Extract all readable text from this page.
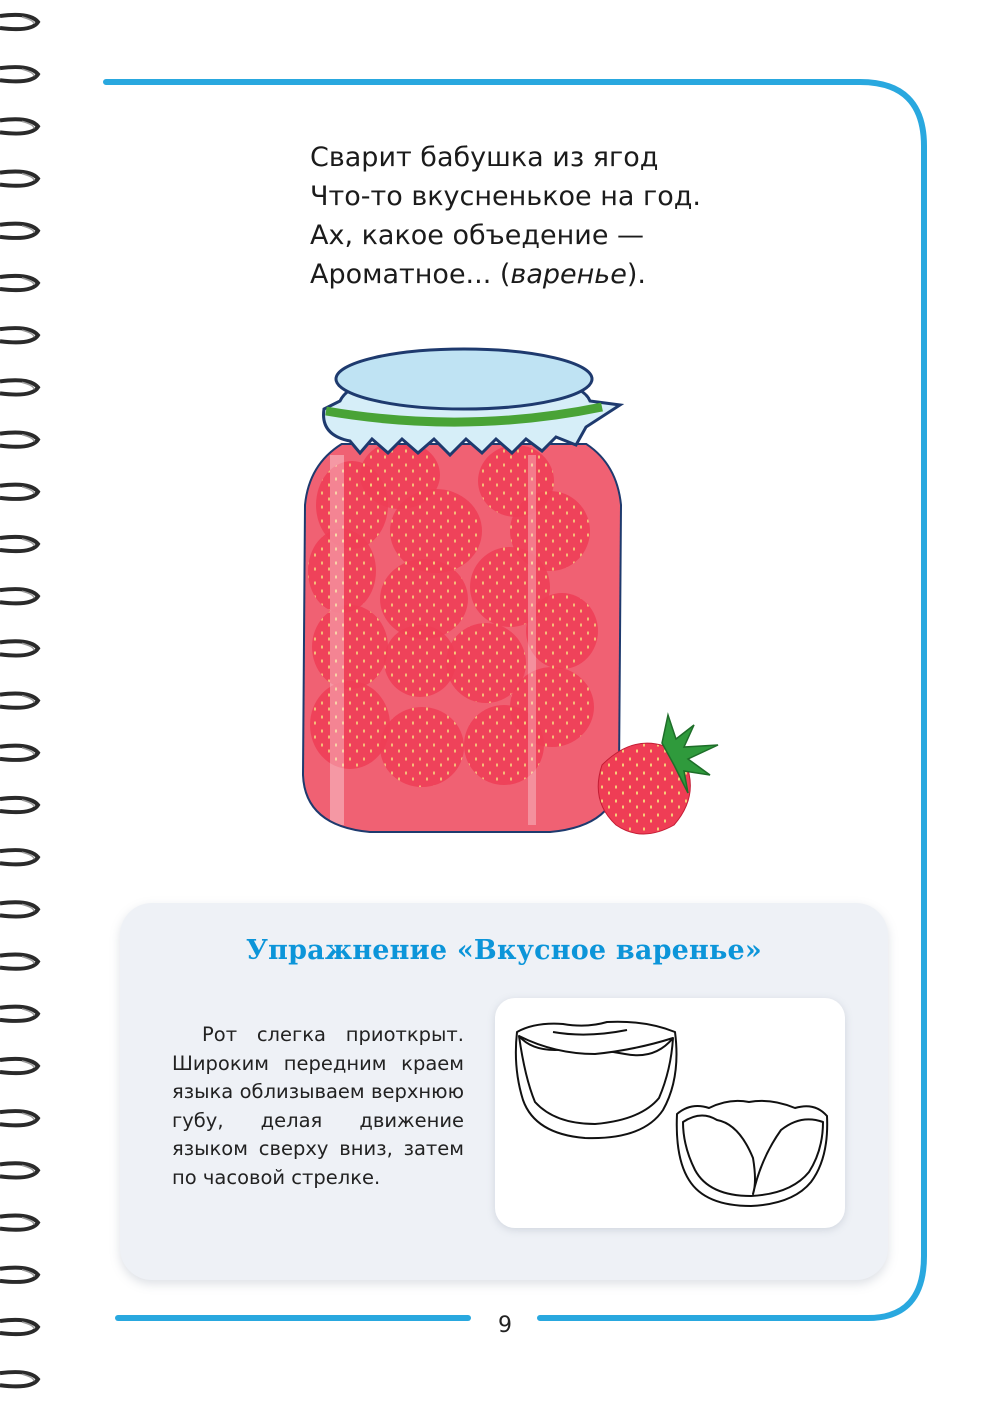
Сварит бабушка из ягод
Что-то вкусненькое на год.
Ах, какое объедение —
Ароматное... (варенье).
Упражнение «Вкусное варенье»
Рот слегка приоткрыт. Широким передним краем языка облизываем верхнюю губу, делая движение языком сверху вниз, затем по часовой стрелке.
9
